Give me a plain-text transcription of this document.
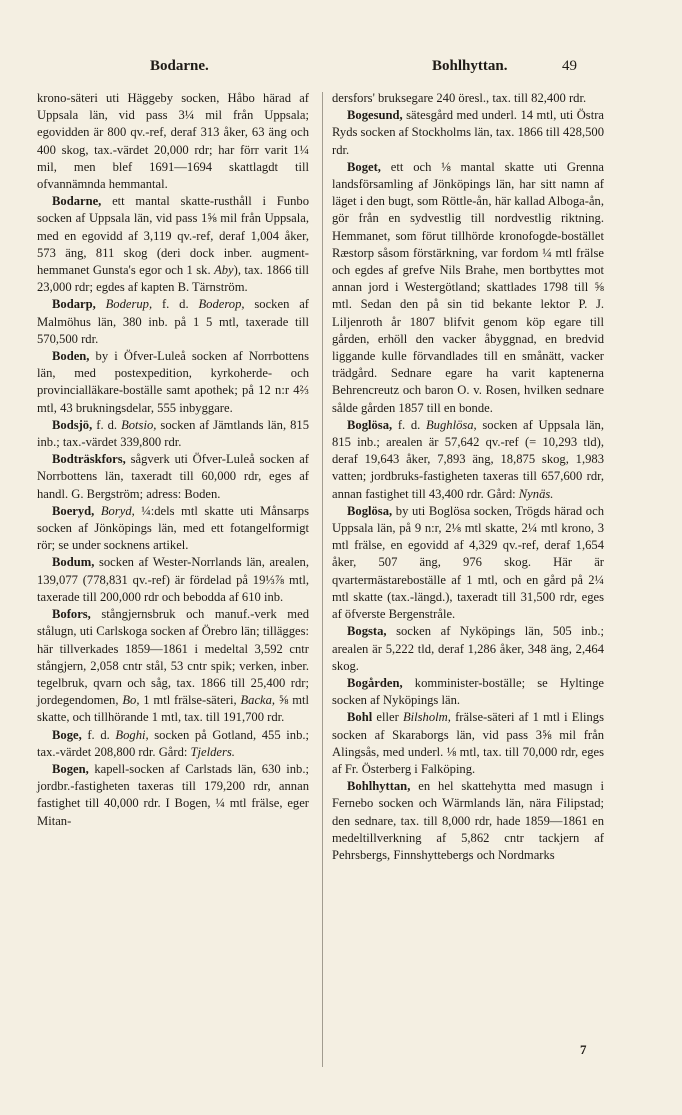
Bodarne.	Bohlhyttan.	49

krono-säteri uti Häggeby socken, Håbo härad af Uppsala län, vid pass 3¼ mil från Uppsala; egovidden är 800 qv.-ref, deraf 313 åker, 63 äng och 400 skog, tax.-värdet 20,000 rdr; har förr varit 1¼ mil, men blef 1691—1694 skattlagdt till ofvannämnda hemmantal.

Bodarne, ett mantal skatte-rusthåll i Funbo socken af Uppsala län, vid pass 1⅝ mil från Uppsala, med en egovidd af 3,119 qv.-ref, deraf 1,004 åker, 573 äng, 811 skog (deri dock inber. augment-hemmanet Gunsta's egor och 1 sk. Aby), tax. 1866 till 23,000 rdr; egdes af kapten B. Tärnström.

Bodarp, Boderup, f. d. Boderop, socken af Malmöhus län, 380 inb. på 1 5 mtl, taxerade till 570,500 rdr.

Boden, by i Öfver-Luleå socken af Norrbottens län, med postexpedition, kyrkoherde- och provincialläkare-boställe samt apothek; på 12 n:r 4⅔ mtl, 43 brukningsdelar, 555 inbyggare.

Bodsjö, f. d. Botsio, socken af Jämtlands län, 815 inb.; tax.-värdet 339,800 rdr.

Bodträskfors, sågverk uti Öfver-Luleå socken af Norrbottens län, taxeradt till 60,000 rdr, eges af handl. G. Bergström; adress: Boden.

Boeryd, Boryd, ¼:dels mtl skatte uti Månsarps socken af Jönköpings län, med ett fotangelformigt rör; se under socknens artikel.

Bodum, socken af Wester-Norrlands län, arealen, 139,077 (778,831 qv.-ref) är fördelad på 19⅓⅞ mtl, taxerade till 200,000 rdr och bebodda af 610 inb.

Bofors, stångjernsbruk och manuf.-verk med stålugn, uti Carlskoga socken af Örebro län; tillägges: här tillverkades 1859—1861 i medeltal 3,592 cntr stångjern, 2,058 cntr stål, 53 cntr spik; verken, inber. tegelbruk, qvarn och såg, tax. 1866 till 25,400 rdr; jordegendomen, Bo, 1 mtl frälse-säteri, Backa, ⅝ mtl skatte, och tillhörande 1 mtl, tax. till 191,700 rdr.

Boge, f. d. Boghi, socken på Gotland, 455 inb.; tax.-värdet 208,800 rdr. Gård: Tjelders.

Bogen, kapell-socken af Carlstads län, 630 inb.; jordbr.-fastigheten taxeras till 179,200 rdr, annan fastighet till 40,000 rdr. I Bogen, ¼ mtl frälse, eger Mitan-

dersfors' bruksegare 240 öresl., tax. till 82,400 rdr.

Bogesund, sätesgård med underl. 14 mtl, uti Östra Ryds socken af Stockholms län, tax. 1866 till 428,500 rdr.

Boget, ett och ⅛ mantal skatte uti Grenna landsförsamling af Jönköpings län, har sitt namn af läget i den bugt, som Röttle-ån, här kallad Alboga-ån, gör från en sydvestlig till nordvestlig riktning. Hemmanet, som förut tillhörde kronofogde-bostället Ræstorp såsom förstärkning, var fordom ¼ mtl frälse och egdes af grefve Nils Brahe, men bortbyttes mot annan jord i Westergötland; skattlades 1798 till ⅝ mtl. Sedan den på sin tid bekante lektor P. J. Liljenroth år 1807 blifvit genom köp egare till gården, erhöll den vacker åbyggnad, en bredvid liggande kulle förvandlades till en smånätt, vacker trädgård. Sednare egare ha varit kaptenerna Behrencreutz och baron O. v. Rosen, hvilken sednare sålde gården 1857 till en bonde.

Boglösa, f. d. Bughlösa, socken af Uppsala län, 815 inb.; arealen är 57,642 qv.-ref (= 10,293 tld), deraf 19,643 åker, 7,893 äng, 18,875 skog, 1,983 vatten; jordbruks-fastigheten taxeras till 657,600 rdr, annan fastighet till 43,400 rdr. Gård: Nynäs.

Boglösa, by uti Boglösa socken, Trögds härad och Uppsala län, på 9 n:r, 2⅛ mtl skatte, 2¼ mtl krono, 3 mtl frälse, en egovidd af 4,329 qv.-ref, deraf 1,654 åker, 507 äng, 976 skog. Här är qvartermästareboställe af 1 mtl, och en gård på 2¼ mtl skatte (tax.-längd.), taxeradt till 31,500 rdr, eges af öfverste Bergenstråle.

Bogsta, socken af Nyköpings län, 505 inb.; arealen är 5,222 tld, deraf 1,286 åker, 348 äng, 2,464 skog.

Bogården, komminister-boställe; se Hyltinge socken af Nyköpings län.

Bohl eller Bilsholm, frälse-säteri af 1 mtl i Elings socken af Skaraborgs län, vid pass 3⅝ mil från Alingsås, med underl. ⅛ mtl, tax. till 70,000 rdr, eges af Fr. Österberg i Falköping.

Bohlhyttan, en hel skattehytta med masugn i Fernebo socken och Wärmlands län, nära Filipstad; den sednare, tax. till 8,000 rdr, hade 1859—1861 en medeltillverkning af 5,862 cntr tackjern af Pehrsbergs, Finnshyttebergs och Nordmarks

7
